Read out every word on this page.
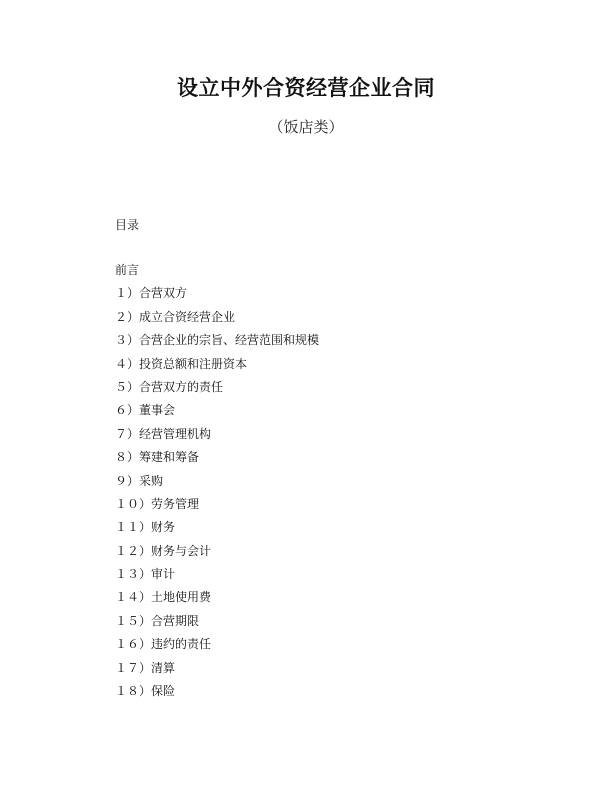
设立中外合资经营企业合同
（饭店类）
目录
前言
１）合营双方
２）成立合资经营企业
３）合营企业的宗旨、经营范围和规模
４）投资总额和注册资本
５）合营双方的责任
６）董事会
７）经营管理机构
８）筹建和筹备
９）采购
１０）劳务管理
１１）财务
１２）财务与会计
１３）审计
１４）土地使用费
１５）合营期限
１６）违约的责任
１７）清算
１８）保险
